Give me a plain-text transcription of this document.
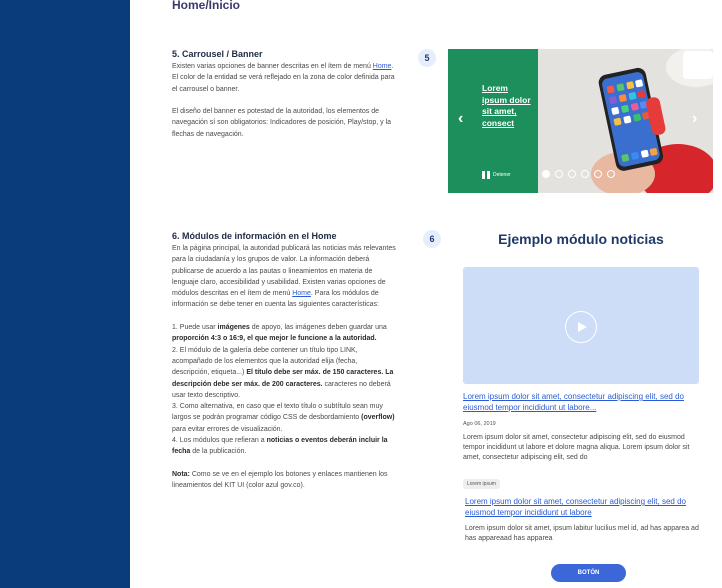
Home/Inicio
5. Carrousel / Banner

Existen varias opciones de banner descritas en el ítem de menú Home. El color de la entidad se verá reflejado en la zona de color definida para el carrousel o banner.

El diseño del banner es potestad de la autoridad, los elementos de navegación sí son obligatorios: Indicadores de posición, Play/stop, y la flechas de navegación.

5
Lorem ipsum dolor sit amet, consect
Detener
‹	›
6. Módulos de información en el Home

En la página principal, la autoridad publicará las noticias más relevantes para la ciudadanía y los grupos de valor. La información deberá publicarse de acuerdo a las pautas o lineamientos en materia de lenguaje claro, accesibilidad y usabilidad. Existen varias opciones de módulos descritas en el ítem de menú Home. Para los módulos de información se debe tener en cuenta las siguientes características:

1. Puede usar imágenes de apoyo, las imágenes deben guardar una proporción 4:3 o 16:9, el que mejor le funcione a la autoridad.

2. El módulo de la galería debe contener un título tipo LINK, acompañado de los elementos que la autoridad elija (fecha, descripción, etiqueta...) El título debe ser máx. de 150 caracteres. La descripción debe ser máx. de 200 caracteres. caracteres no deberá usar texto descriptivo.

3. Como alternativa, en caso que el texto título o subtítulo sean muy largos se podrán programar código CSS de desbordamiento (overflow) para evitar errores de visualización.

4. Los módulos que refieran a noticias o eventos deberán incluir la fecha de la publicación.

Nota: Como se ve en el ejemplo los botones y enlaces mantienen los lineamientos del KIT UI (color azul gov.co).

6	Ejemplo módulo noticias
Lorem ipsum dolor sit amet, consectetur adipiscing elit, sed do eiusmod tempor incididunt ut labore...
Ago 06, 2019
Lorem ipsum dolor sit amet, consectetur adipiscing elit, sed do eiusmod tempor incididunt ut labore et dolore magna aliqua. Lorem ipsum dolor sit amet, consectetur adipiscing elit, sed do
Lorem ipsum
Lorem ipsum dolor sit amet, consectetur adipiscing elit, sed do eiusmod tempor incididunt ut labore
Lorem ipsum dolor sit amet, ipsum labitur lucilius mel id, ad has apparea ad has appareaad has apparea
BOTÓN
